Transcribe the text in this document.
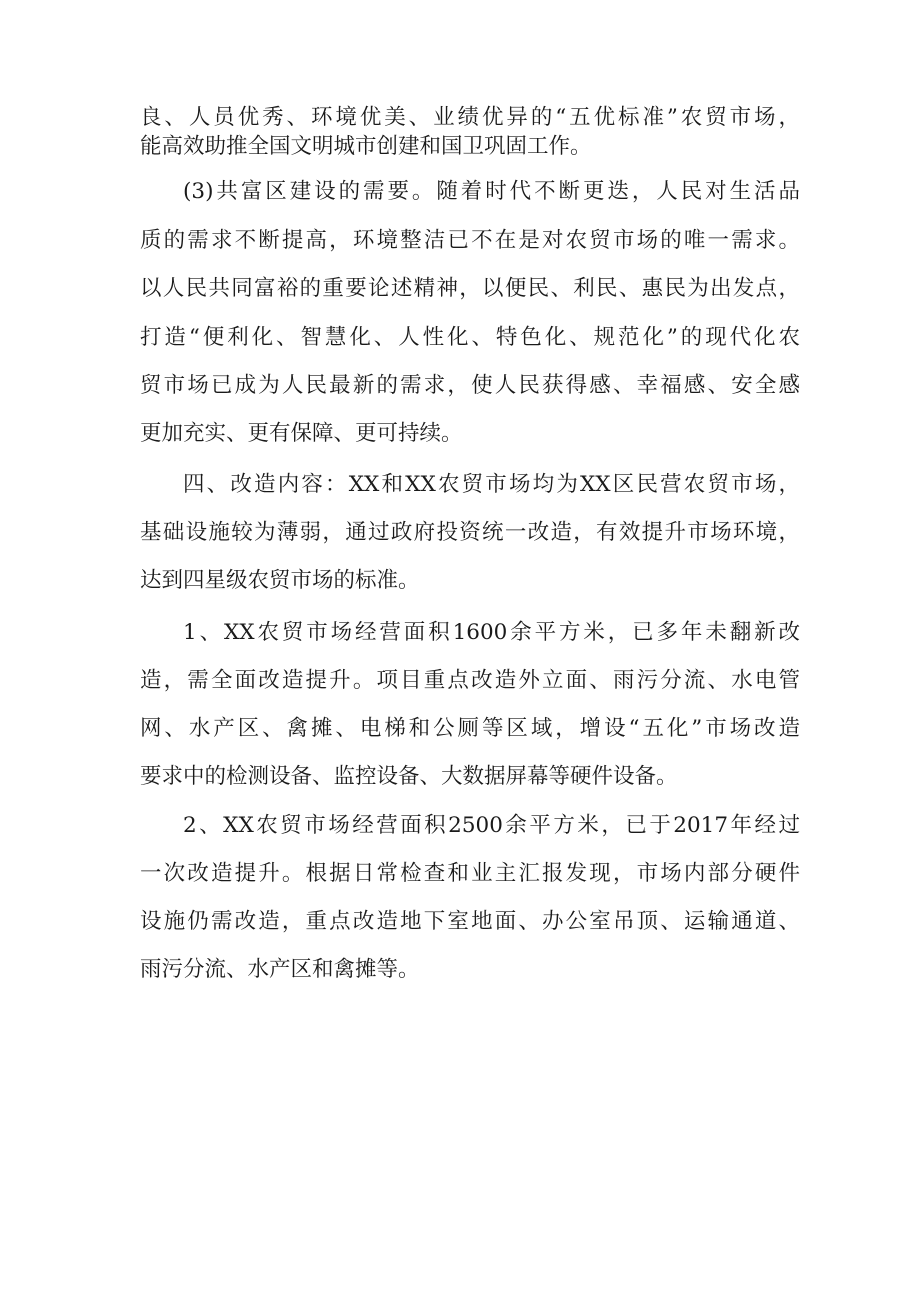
良、人员优秀、环境优美、业绩优异的“五优标准”农贸市场，
能高效助推全国文明城市创建和国卫巩固工作。
(3)共富区建设的需要。随着时代不断更迭，人民对生活品
质的需求不断提高，环境整洁已不在是对农贸市场的唯一需求。
以人民共同富裕的重要论述精神，以便民、利民、惠民为出发点，
打造“便利化、智慧化、人性化、特色化、规范化”的现代化农
贸市场已成为人民最新的需求，使人民获得感、幸福感、安全感
更加充实、更有保障、更可持续。
四、改造内容：XX和XX农贸市场均为XX区民营农贸市场，
基础设施较为薄弱，通过政府投资统一改造，有效提升市场环境，
达到四星级农贸市场的标准。
1、XX农贸市场经营面积1600余平方米，已多年未翻新改
造，需全面改造提升。项目重点改造外立面、雨污分流、水电管
网、水产区、禽摊、电梯和公厕等区域，增设“五化”市场改造
要求中的检测设备、监控设备、大数据屏幕等硬件设备。
2、XX农贸市场经营面积2500余平方米，已于2017年经过
一次改造提升。根据日常检查和业主汇报发现，市场内部分硬件
设施仍需改造，重点改造地下室地面、办公室吊顶、运输通道、
雨污分流、水产区和禽摊等。
